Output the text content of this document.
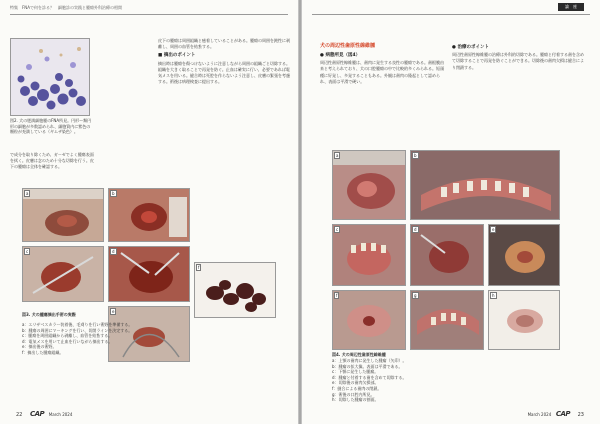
特集　FNAで何を診る？　細胞診の実践と腫瘍外科治療の相関
図2. 犬の肥満細胞腫のFNA所見。円形〜類円形の細胞が多数認められ、細胞質内に紫色の顆粒が充満している（ギムザ染色）。
で成分を取り除くため、ガーゼでよく腫瘍表面を拭く。皮膚は念のため十分な切除を行う。皮下の腫瘍は全体を確認する。

皮下の腫瘍は周囲組織と癒着していることがある。腫瘍の周囲を鈍性に剥離し、周囲の血管を結紮する。

■ 摘出のポイント

摘出時は腫瘍を傷つけないように注意しながら周囲の組織ごと切除する。組織を大きく取ることで再発を防ぐ。止血は確実に行い、必要であれば電気メスを用いる。縫合時は死腔を作らないよう注意し、皮膚の緊張を考慮する。術後は病理検査に提出する。

a	b
c	d
e
f
図3. 犬の腫瘍摘出手術の実際
a：エリザベスカラー装着後、毛刈りを行い術野を準備する。
b：腫瘍の周囲にマーキングを行い、切開ラインを決定する。
c：腫瘍を周囲組織から剥離し、血管を結紮する。
d：電気メスを用いて止血を行いながら摘出する。
e：摘出後の術野。
f：摘出した腫瘍組織。
22 CAP March 2024
論　座
犬の周辺性歯原性線維腫
● 病態所見（図4）

周辺性歯原性線維腫は、歯肉に発生する良性の腫瘍である。歯根膜由来と考えられており、犬の口腔腫瘍の中で比較的多くみられる。短頭種に好発し、多発することもある。外観は歯肉の隆起として認められ、表面は平滑で硬い。

● 治療のポイント

周辺性歯原性線維腫の治療は外科的切除である。腫瘍と付着する歯を含めて切除することで再発を防ぐことができる。切除後の歯肉欠損は縫合により閉鎖する。

a	b
c	d	e
f	g	h
図4. 犬の周辺性歯原性線維腫
a：上顎の歯肉に発生した腫瘤（矢印）。
b：腫瘤の拡大像。表面は平滑である。
c：下顎に発生した腫瘤。
d：腫瘤と付着する歯を含めて切除する。
e：切除後の歯肉欠損部。
f：縫合による歯肉の閉鎖。
g：術後の口腔内所見。
h：切除した腫瘤の割面。
March 2024 CAP 23
